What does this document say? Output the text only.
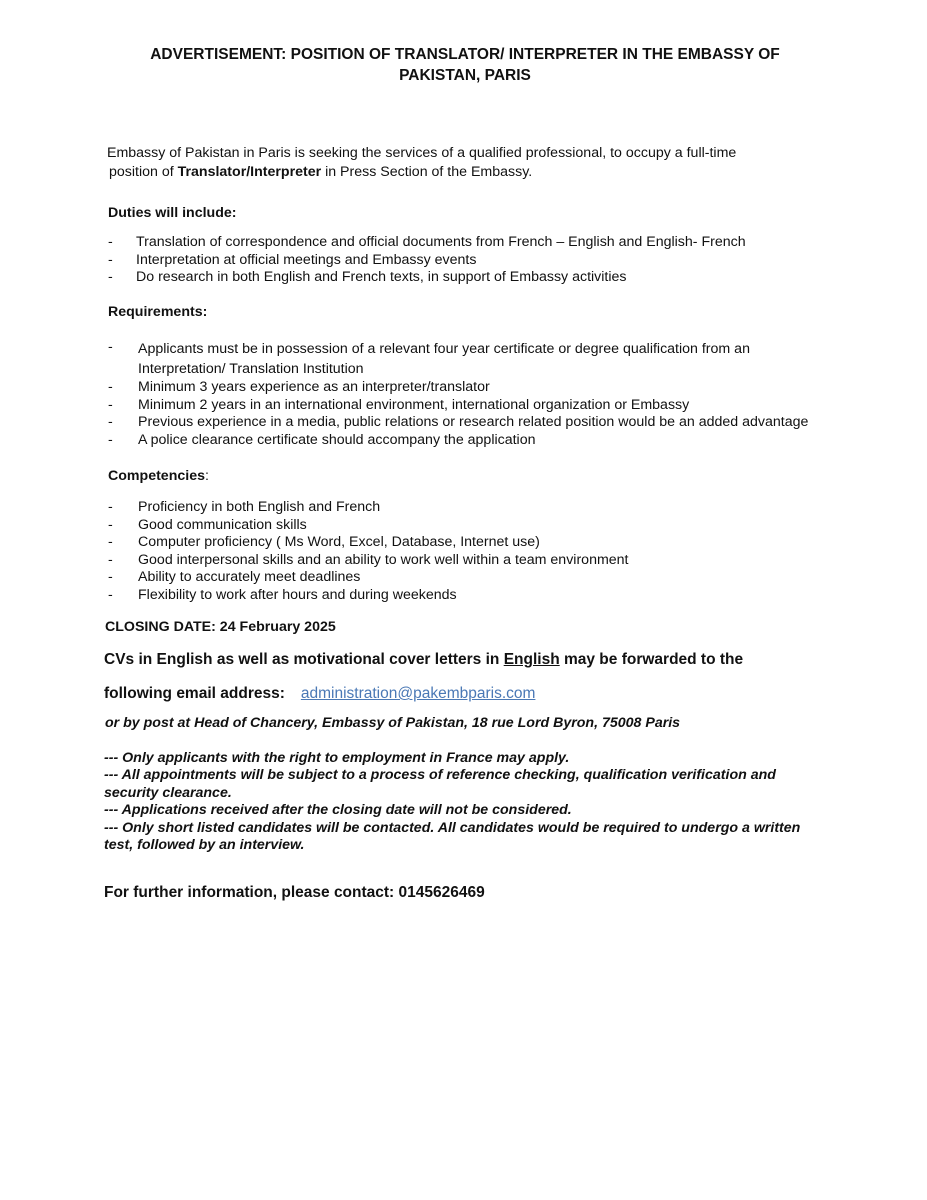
ADVERTISEMENT: POSITION OF TRANSLATOR/ INTERPRETER IN THE EMBASSY OF
PAKISTAN, PARIS
Embassy of Pakistan in Paris is seeking the services of a qualified professional, to occupy a full-time
position of Translator/Interpreter in Press Section of the Embassy.
Duties will include:
- Translation of correspondence and official documents from French – English and English- French
- Interpretation at official meetings and Embassy events
- Do research in both English and French texts, in support of Embassy activities
Requirements:
- Applicants must be in possession of a relevant four year certificate or degree qualification from an
Interpretation/ Translation Institution
- Minimum 3 years experience as an interpreter/translator
- Minimum 2 years in an international environment, international organization or Embassy
- Previous experience in a media, public relations or research related position would be an added advantage
- A police clearance certificate should accompany the application
Competencies:
- Proficiency in both English and French
- Good communication skills
- Computer proficiency ( Ms Word, Excel, Database, Internet use)
- Good interpersonal skills and an ability to work well within a team environment
- Ability to accurately meet deadlines
- Flexibility to work after hours and during weekends
CLOSING DATE: 24 February 2025
CVs in English as well as motivational cover letters in English may be forwarded to the
following email address: administration@pakembparis.com
or by post at Head of Chancery, Embassy of Pakistan, 18 rue Lord Byron, 75008 Paris

--- Only applicants with the right to employment in France may apply.

--- All appointments will be subject to a process of reference checking, qualification verification and

security clearance.

--- Applications received after the closing date will not be considered.

--- Only short listed candidates will be contacted. All candidates would be required to undergo a written

test, followed by an interview.

For further information, please contact: 0145626469
